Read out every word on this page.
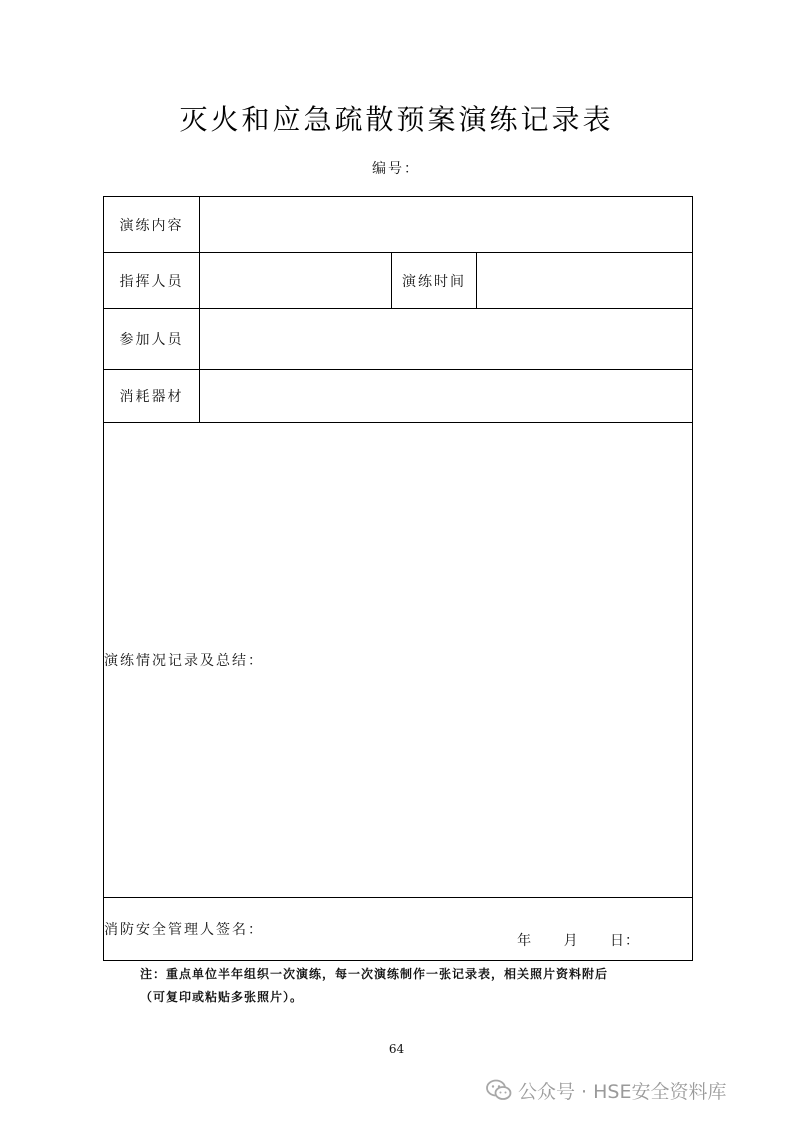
灭火和应急疏散预案演练记录表
编号：
演练内容			
指挥人员		演练时间	
参加人员			
消耗器材			
演练情况记录及总结：			
消防安全管理人签名：
年 月 日：			
注：重点单位半年组织一次演练，每一次演练制作一张记录表，相关照片资料附后
（可复印或粘贴多张照片）。
64
公众号 · HSE安全资料库
